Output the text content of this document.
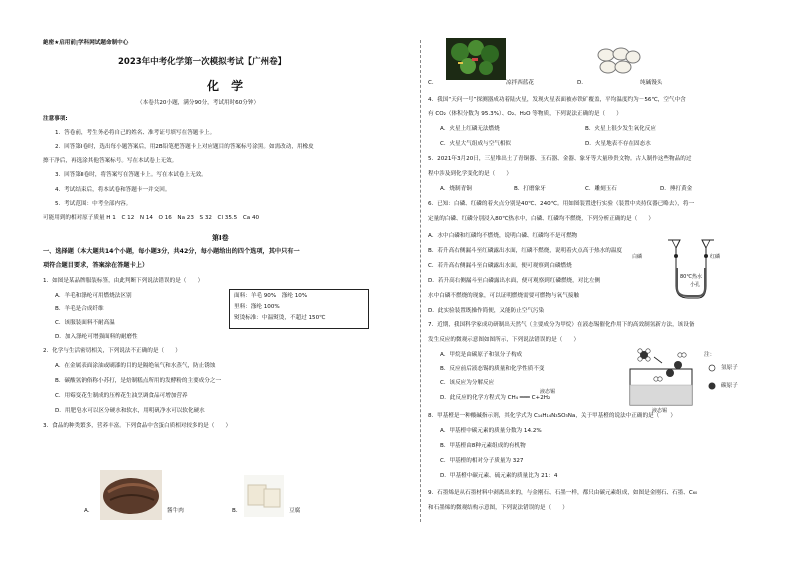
絶密★启用前|学科网试题命制中心
2023年中考化学第一次模拟考试【广州卷】
化 学
（本卷共20小题，满分90分，考试用时60分钟）
注意事项:
1．答卷前，考生务必将自己的姓名、准考证号填写在答题卡上。
2．回答第Ⅰ卷时，选出每小题答案后，用2B铅笔把答题卡上对应题目的答案标号涂黑。如需改动，用橡皮
擦干净后，再选涂其他答案标号。写在本试卷上无效。
3．回答第Ⅱ卷时，将答案写在答题卡上。写在本试卷上无效。
4．考试结束后，将本试卷和答题卡一并交回。
5．考试范围：中考全部内容。
可能用到的相对原子质量 H 1　C 12　N 14　O 16　Na 23　S 32　Cl 35.5　Ca 40
第Ⅰ卷
一、选择题（本大题共14个小题，每小题3分，共42分，每小题给出的四个选项，其中只有一
项符合题目要求，答案涂在答题卡上）
1．如图是某品牌服装标签，由此判断下列说法错误的是（　　）
A．羊毛和涤纶可用燃烧法区别
B．羊毛是合成纤维
C．该服装面料不耐高温
D．加入涤纶可增强面料的耐磨性
面料：羊毛 90%　涤纶 10%
里料：涤纶 100%
熨烫标准：中温熨烫，不超过 150℃
2．化学与生活密切相关，下列说法不正确的是（　　）
A．在金属表面涂油或刷漆的目的是隔绝氧气和水蒸气，防止锈蚀
B．碳酸氢钠俗称小苏打，是焙制糕点所用的发酵粉的主要成分之一
C．用霉变花生制成的压榨花生油烹调食品可增加营养
D．用肥皂水可以区分硬水和软水，用明矾净水可以软化硬水
3．食品的种类繁多，营养丰富。下列食品中含蛋白质相对较多的是（　　）
A．	酱牛肉	B．	豆腐
C．	凉拌西蓝花	D．	纯碱馒头
4．我国“天问一号”探测器成功着陆火星，发现火星表面被赤铁矿覆盖，平均温度约为－56℃，空气中含
有 CO₂（体积分数为 95.3%）、O₂、H₂O 等物质，下列说法正确的是（　　）
A．火星上红磷无法燃烧	B．火星上很少发生氧化反应
C．火星大气组成与空气相似	D．火星地表不存在固态水
5．2021年3月20日，三星堆出土了青铜器、玉石器、金器、象牙等大量珍贵文物。古人制作这些物品的过
程中涉及到化学变化的是（　　）
A．烧制青铜	B．打磨象牙	C．雕刻玉石	D．捶打黄金
6．已知：白磷、红磷的着火点分别是40℃、240℃。用如图装置进行实验（装置中夹持仪器已略去），将一
定量的白磷、红磷分别浸入80℃热水中，白磷、红磷均不燃烧，下列分析正确的是（　　）
A．水中白磷和红磷均不燃烧，说明白磷、红磷均不是可燃物
B．若升高右侧漏斗至红磷露出水面，红磷不燃烧，说明着火点高于热水的温度
C．若升高右侧漏斗至白磷露出水面，便可观察到白磷燃烧
D．若升高右侧漏斗至白磷露出水面，便可观察到红磷燃烧，对比左侧
水中白磷不燃烧的现象，可以证明燃烧需要可燃物与氧气接触
D．此实验装置既操作简便，又能防止空气污染
白磷	红磷
80℃热水
小孔
7．近期，我国科学家成功研制出天然气（主要成分为甲烷）在液态锡催化作用下的高效制氢新方法，该设备
发生反应的微观示意图如图所示，下列说法错误的是（　　）
A．甲烷是由碳原子和氢分子构成
B．反应前后液态锡的质量和化学性质不变
C．该反应为分解反应
D．此反应的化学方程式为 CH₄ ═══ C+2H₂
液态锡
液态锡
注：
氢原子
碳原子
8．甲基橙是一种酸碱指示剂，其化学式为 C₁₄H₁₄N₃SO₃Na，关于甲基橙的说法中正确的是（　　）
A．甲基橙中碳元素的质量分数为 14.2%
B．甲基橙由8种元素组成的有机物
C．甲基橙的相对分子质量为 327
D．甲基橙中碳元素、硫元素的质量比为 21：4
9．石墨烯是从石墨材料中剥离出来的，与金刚石、石墨一样，都只由碳元素组成，如图是金刚石、石墨、C₆₀
和石墨烯的微观结构示意图，下列说法错误的是（　　）
